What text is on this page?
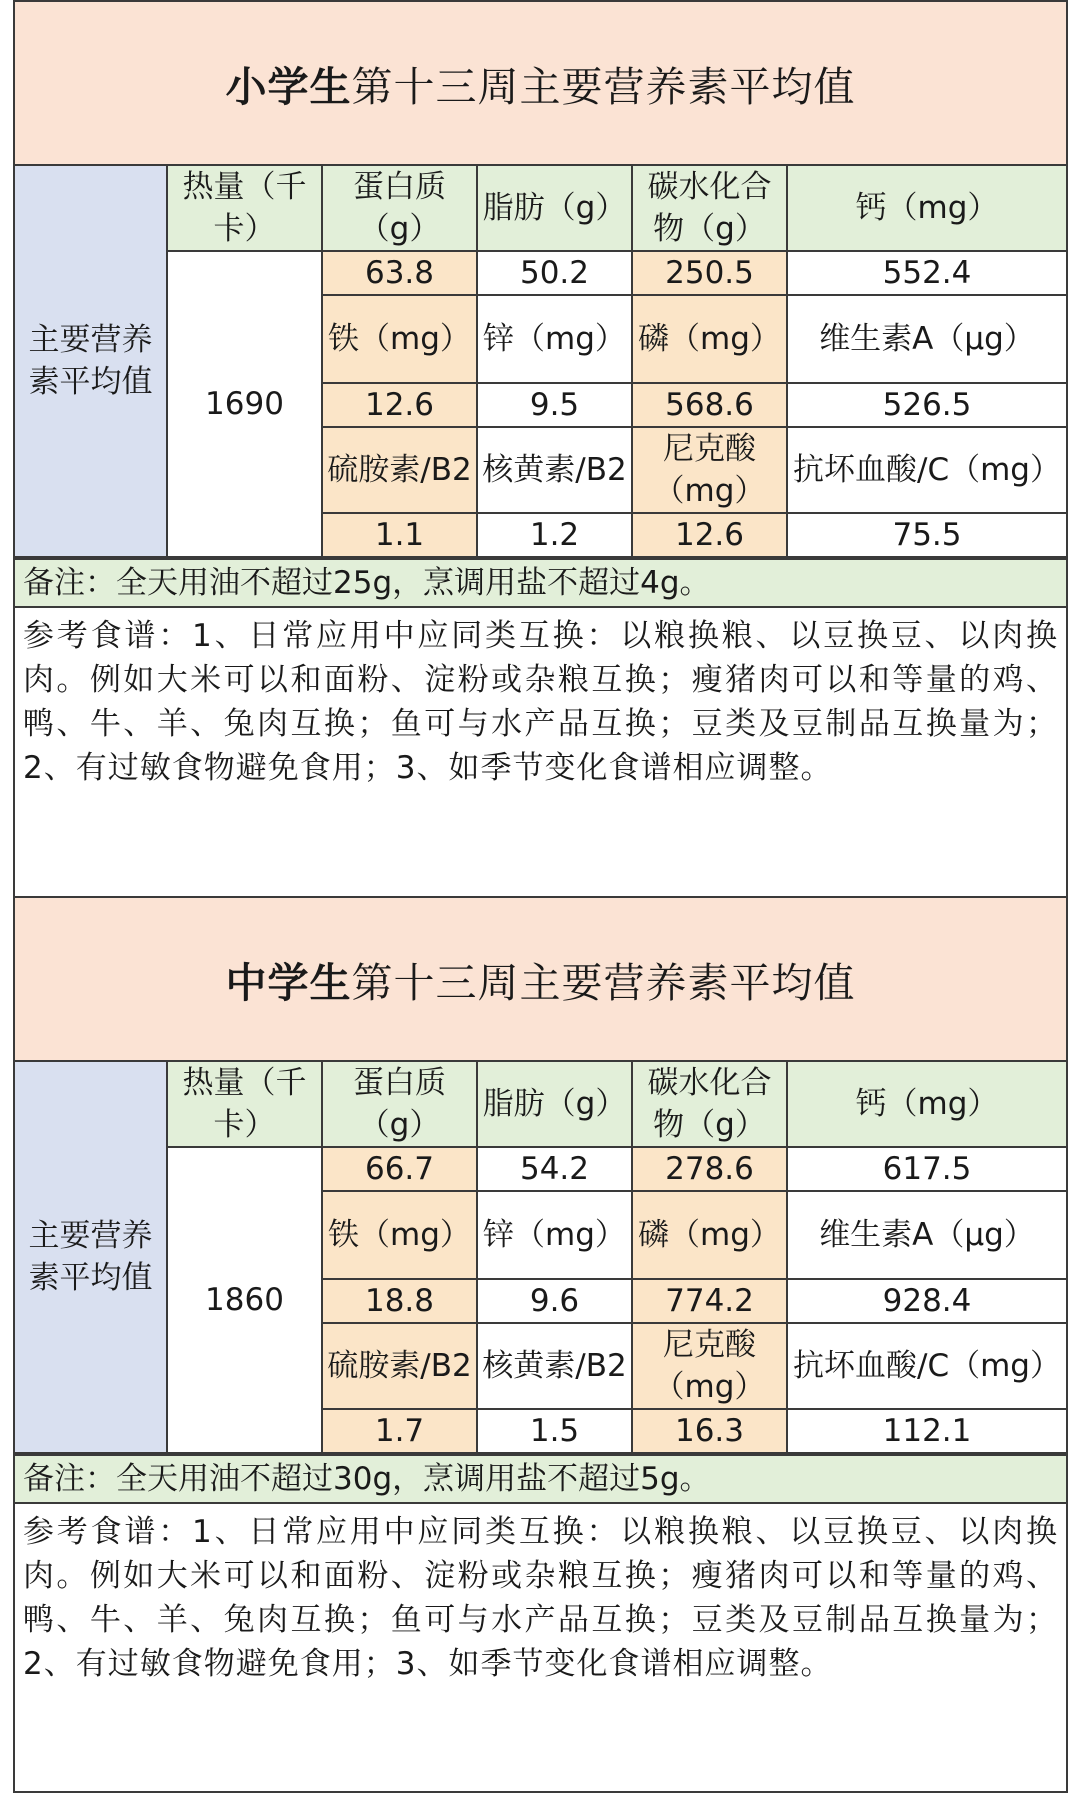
小学生 第十三周主要营养素平均值
主要营养素平均值	热量（千卡）	蛋白质（g）	脂肪（g）	碳水化合物（g）	钙（mg）
	1690	63.8	50.2	250.5	552.4
		铁（mg）	锌（mg）	磷（mg）	维生素A（μg）
		12.6	9.5	568.6	526.5
		硫胺素/B2	核黄素/B2	尼克酸（mg）	抗坏血酸/C（mg）
		1.1	1.2	12.6	75.5
备注：全天用油不超过25g，烹调用盐不超过4g。
参考食谱：1、日常应用中应同类互换：以粮换粮、以豆换豆、以肉换肉。例如大米可以和面粉、淀粉或杂粮互换；瘦猪肉可以和等量的鸡、鸭、牛、羊、兔肉互换；鱼可与水产品互换；豆类及豆制品互换量为；2、有过敏食物避免食用；3、如季节变化食谱相应调整。
中学生 第十三周主要营养素平均值
主要营养素平均值	热量（千卡）	蛋白质（g）	脂肪（g）	碳水化合物（g）	钙（mg）
	1860	66.7	54.2	278.6	617.5
		铁（mg）	锌（mg）	磷（mg）	维生素A（μg）
		18.8	9.6	774.2	928.4
		硫胺素/B2	核黄素/B2	尼克酸（mg）	抗坏血酸/C（mg）
		1.7	1.5	16.3	112.1
备注：全天用油不超过30g，烹调用盐不超过5g。
参考食谱：1、日常应用中应同类互换：以粮换粮、以豆换豆、以肉换肉。例如大米可以和面粉、淀粉或杂粮互换；瘦猪肉可以和等量的鸡、鸭、牛、羊、兔肉互换；鱼可与水产品互换；豆类及豆制品互换量为；2、有过敏食物避免食用；3、如季节变化食谱相应调整。
